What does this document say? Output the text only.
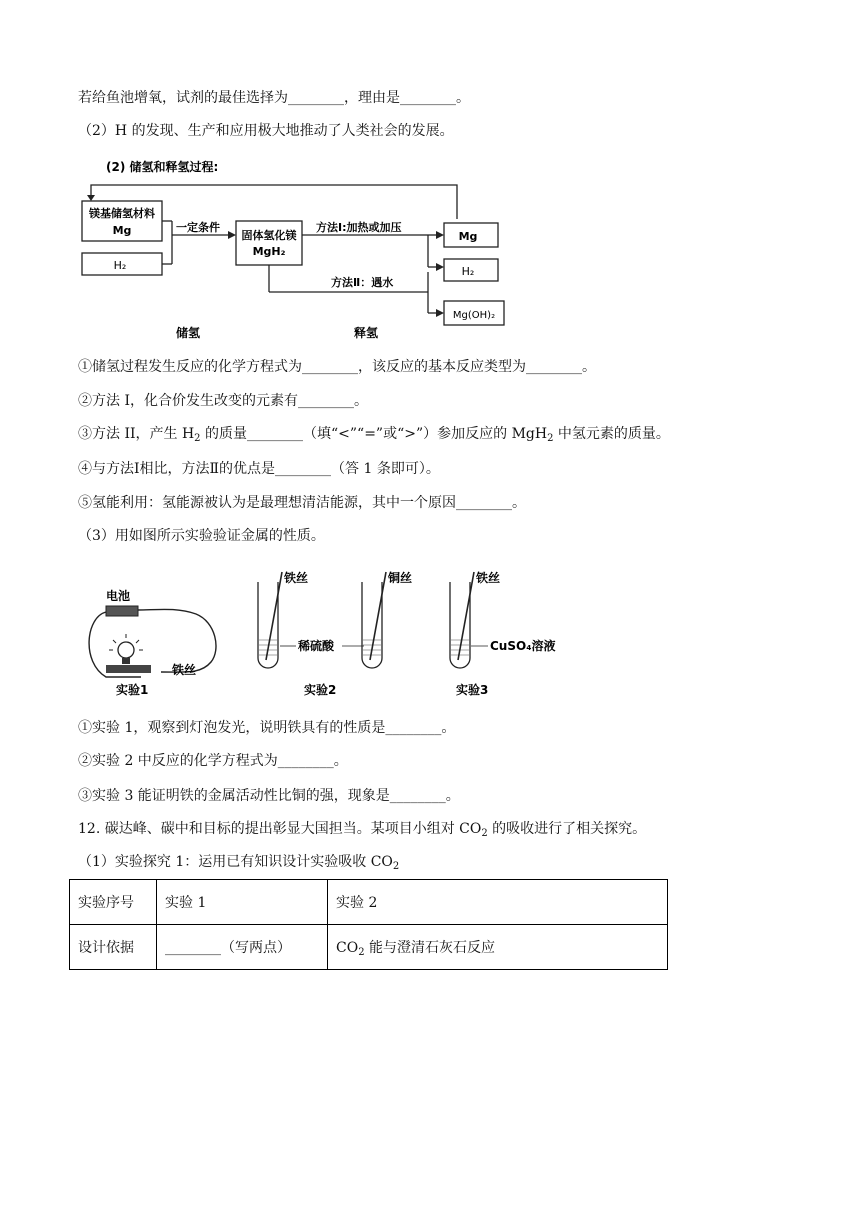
若给鱼池增氧，试剂的最佳选择为________，理由是________。
（2）H 的发现、生产和应用极大地推动了人类社会的发展。
(2) 储氢和释氢过程:
镁基储氢材料
Mg
H₂
一定条件
固体氢化镁
MgH₂
方法Ⅰ:加热或加压
方法Ⅱ：遇水
Mg
H₂
Mg(OH)₂
储氢	释氢
①储氢过程发生反应的化学方程式为________，该反应的基本反应类型为________。
②方法 I，化合价发生改变的元素有________。
③方法 II，产生 $H_2$ 的质量________（填“<”“=”或“>”）参加反应的 MgH$_2$ 中氢元素的质量。
④与方法Ⅰ相比，方法Ⅱ的优点是________（答 1 条即可）。
⑤氢能利用：氢能源被认为是最理想清洁能源，其中一个原因________。
（3）用如图所示实验验证金属的性质。
电池
铁丝
实验1
铁丝	铜丝
稀硫酸
实验2
铁丝
CuSO₄溶液
实验3
①实验 1，观察到灯泡发光，说明铁具有的性质是________。
②实验 2 中反应的化学方程式为________。
③实验 3 能证明铁的金属活动性比铜的强，现象是________。
12. 碳达峰、碳中和目标的提出彰显大国担当。某项目小组对 $CO_2$ 的吸收进行了相关探究。
（1）实验探究 1：运用已有知识设计实验吸收 $CO_2$
实验序号	实验 1	实验 2
设计依据	________（写两点）	$CO_2$ 能与澄清石灰石反应
